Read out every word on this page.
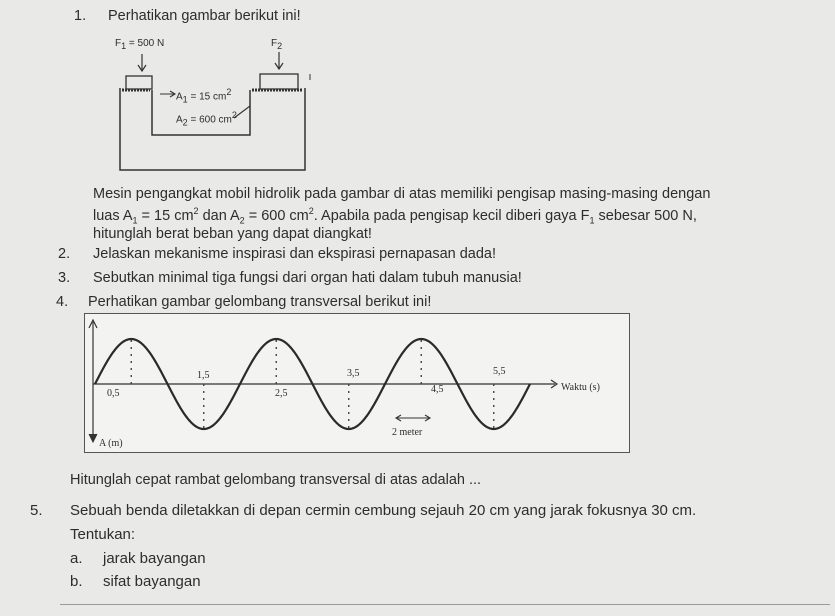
1. Perhatikan gambar berikut ini!
$F_1 = 500$ N	$F_2$
$A_1 = 15$ $cm^2$
$A_2 = 600$ $cm^2$
Mesin pengangkat mobil hidrolik pada gambar di atas memiliki pengisap masing-masing dengan
luas $A_1 = 15$ $cm^2$ dan $A_2 = 600$ $cm^2$. Apabila pada pengisap kecil diberi gaya $F_1$ sebesar 500 N,
hitunglah berat beban yang dapat diangkat!
2. Jelaskan mekanisme inspirasi dan ekspirasi pernapasan dada!
3. Sebutkan minimal tiga fungsi dari organ hati dalam tubuh manusia!
4. Perhatikan gambar gelombang transversal berikut ini!
0,5
1,5
2,5
3,5
4,5
5,5
Waktu (s)
A (m)
2 meter
Hitunglah cepat rambat gelombang transversal di atas adalah ...
5. Sebuah benda diletakkan di depan cermin cembung sejauh 20 cm yang jarak fokusnya 30 cm.
Tentukan:
a. jarak bayangan
b. sifat bayangan
